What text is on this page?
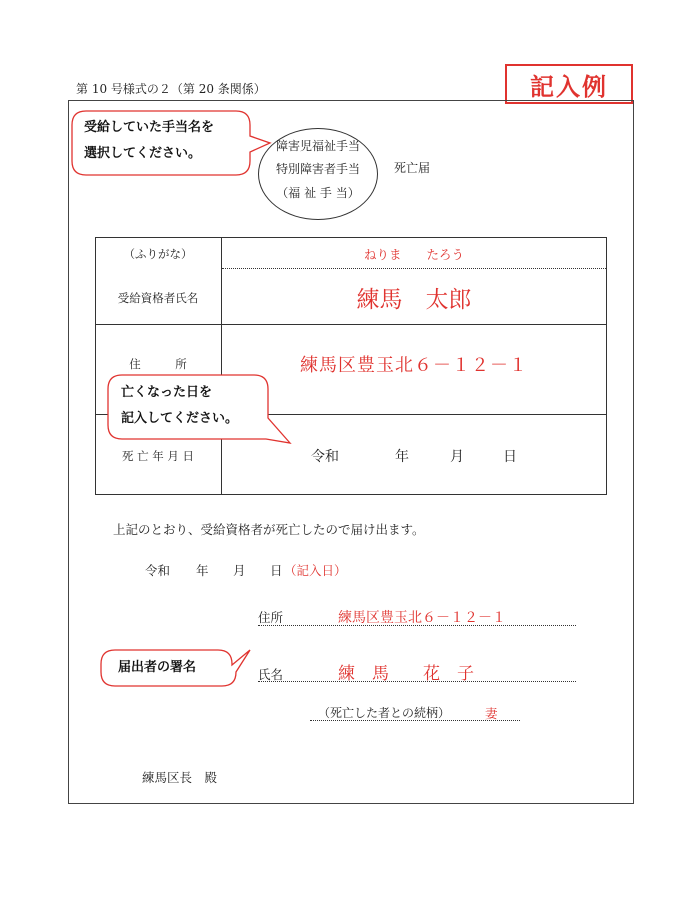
第 10 号様式の２（第 20 条関係）	記入例
障害児福祉手当
特別障害者手当
（福 祉 手 当）
死亡届
（ふりがな）	ねりま　　たろう
受給資格者氏名	練馬　太郎
住　　　所	練馬区豊玉北６－１２－１
死 亡 年 月 日	令和	年	月	日
上記のとおり、受給資格者が死亡したので届け出ます。
令和 年 月 日 （記入日）
住所	練馬区豊玉北６－１２－１
氏名	練　馬　　花　子
（死亡した者との続柄）	妻
練馬区長　殿
受給していた手当名を
選択してください。
亡くなった日を
記入してください。
届出者の署名
